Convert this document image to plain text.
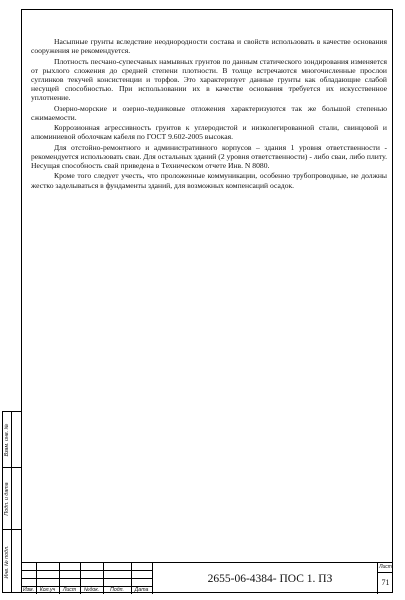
Насыпные грунты вследствие неоднородности состава и свойств использовать в качестве основания сооружения не рекомендуется.

Плотность песчано-супесчаных намывных грунтов по данным статического зондирования изменяется от рыхлого сложения до средней степени плотности. В толще встречаются многочисленные прослои суглинков текучей консистенции и торфов. Это характеризует данные грунты как обладающие слабой несущей способностью. При использовании их в качестве основания требуется их искусственное уплотнение.

Озерно-морские и озерно-ледниковые отложения характеризуются так же большой степенью сжимаемости.

Коррозионная агрессивность грунтов к углеродистой и низколегированной стали, свинцовой и алюминиевой оболочкам кабеля по ГОСТ 9.602-2005 высокая.

Для отстойно-ремонтного и административного корпусов – здания 1 уровня ответственности - рекомендуется использовать сваи. Для остальных зданий (2 уровня ответственности) - либо сваи, либо плиту. Несущая способность свай приведена в Техническом отчете Инв. N 8080.

Кроме того следует учесть, что проложенные коммуникации, особенно трубопроводные, не должны жестко заделываться в фундаменты зданий, для возможных компенсаций осадок.

Взам. инв. №
Подп. и дата
Инв. № подл.
Изм.	Кол.уч	Лист	№док.	Подп.	Дата
2655-06-4384- ПОС 1. ПЗ
Лист
71
